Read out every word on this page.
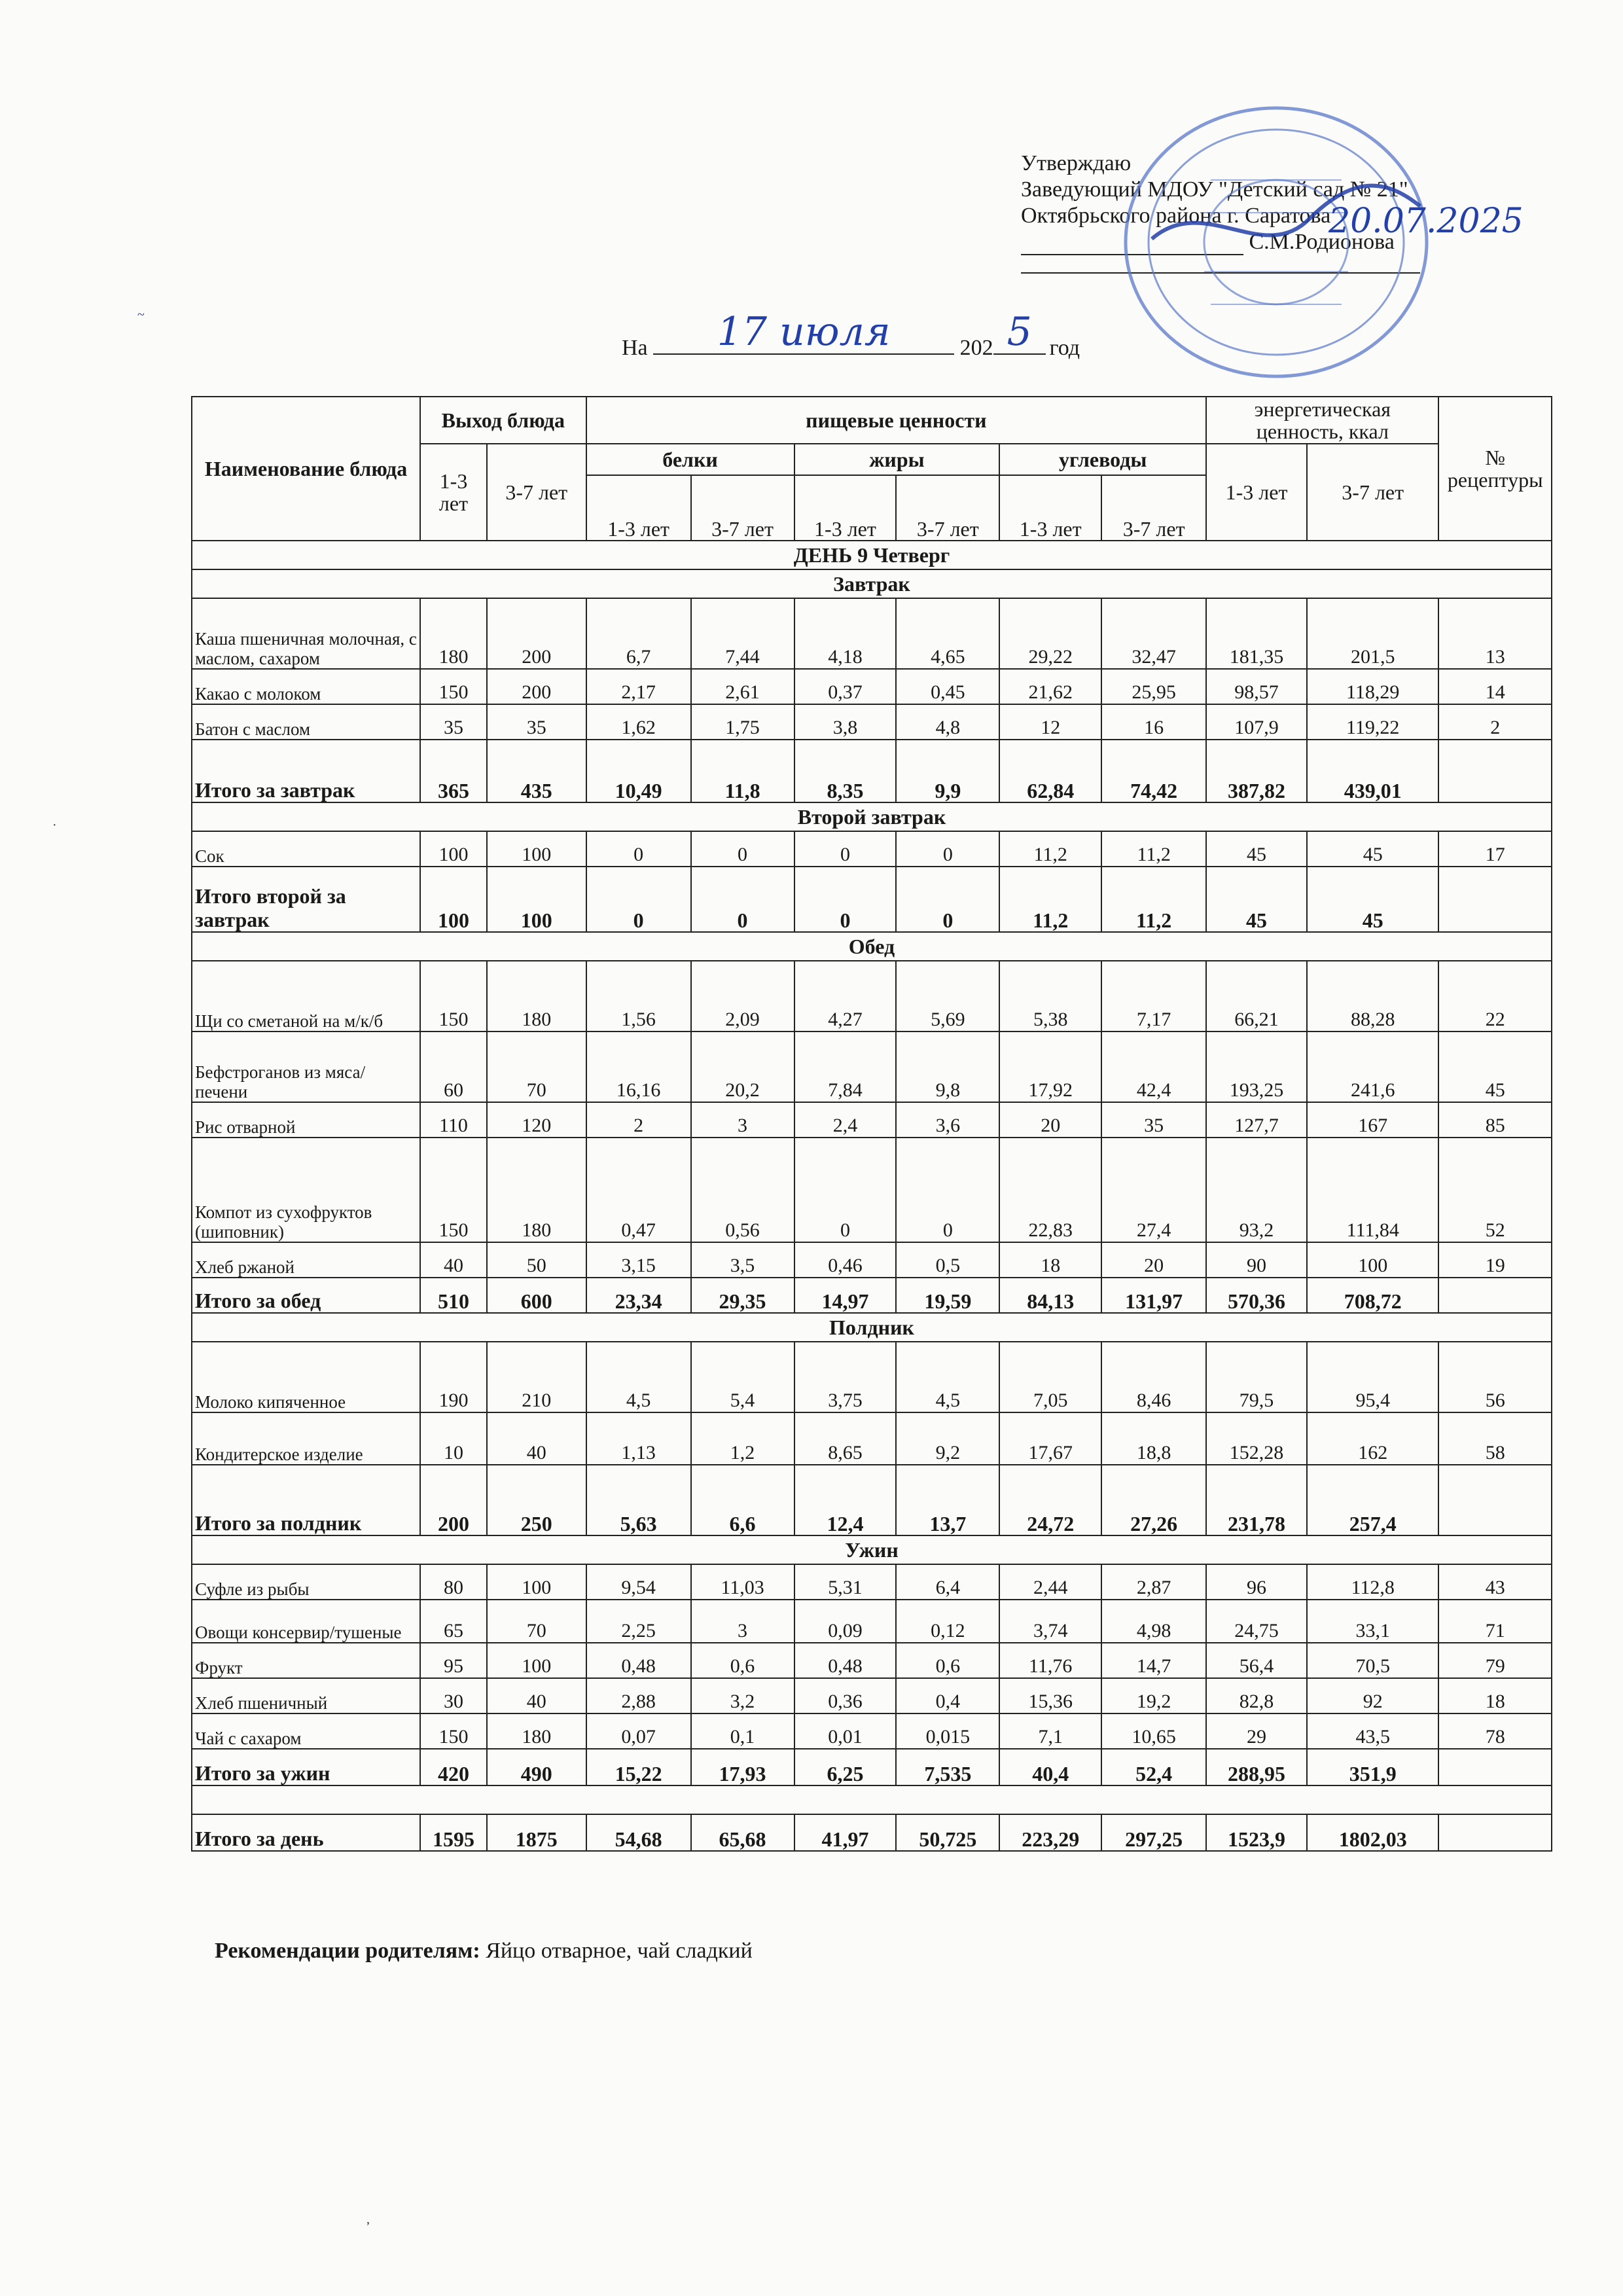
Утверждаю
Заведующий МДОУ "Детский сад № 21"
Октябрьского района г. Саратова
С.М.Родионова
20.07.2025
На	17 июля	202 5 год
Наименование блюда	Выход блюда		пищевые ценности						энергетическая ценность, ккал		№ рецептуры
	1-3 лет	3-7 лет	белки		жиры		углеводы		1-3 лет	3-7 лет	
			1-3 лет	3-7 лет	1-3 лет	3-7 лет	1-3 лет	3-7 лет			
ДЕНЬ 9 Четверг											
Завтрак											
Каша пшеничная молочная, с маслом, сахаром	180	200	6,7	7,44	4,18	4,65	29,22	32,47	181,35	201,5	13
Какао с молоком	150	200	2,17	2,61	0,37	0,45	21,62	25,95	98,57	118,29	14
Батон с маслом	35	35	1,62	1,75	3,8	4,8	12	16	107,9	119,22	2
Итого за завтрак	365	435	10,49	11,8	8,35	9,9	62,84	74,42	387,82	439,01	
Второй завтрак											
Сок	100	100	0	0	0	0	11,2	11,2	45	45	17
Итого второй за завтрак	100	100	0	0	0	0	11,2	11,2	45	45	
Обед											
Щи со сметаной на м/к/б	150	180	1,56	2,09	4,27	5,69	5,38	7,17	66,21	88,28	22
Бефстроганов из мяса/печени	60	70	16,16	20,2	7,84	9,8	17,92	42,4	193,25	241,6	45
Рис отварной	110	120	2	3	2,4	3,6	20	35	127,7	167	85
Компот из сухофруктов (шиповник)	150	180	0,47	0,56	0	0	22,83	27,4	93,2	111,84	52
Хлеб ржаной	40	50	3,15	3,5	0,46	0,5	18	20	90	100	19
Итого за обед	510	600	23,34	29,35	14,97	19,59	84,13	131,97	570,36	708,72	
Полдник											
Молоко кипяченное	190	210	4,5	5,4	3,75	4,5	7,05	8,46	79,5	95,4	56
Кондитерское изделие	10	40	1,13	1,2	8,65	9,2	17,67	18,8	152,28	162	58
Итого за полдник	200	250	5,63	6,6	12,4	13,7	24,72	27,26	231,78	257,4	
Ужин											
Суфле из рыбы	80	100	9,54	11,03	5,31	6,4	2,44	2,87	96	112,8	43
Овощи консервир/тушеные	65	70	2,25	3	0,09	0,12	3,74	4,98	24,75	33,1	71
Фрукт	95	100	0,48	0,6	0,48	0,6	11,76	14,7	56,4	70,5	79
Хлеб пшеничный	30	40	2,88	3,2	0,36	0,4	15,36	19,2	82,8	92	18
Чай с сахаром	150	180	0,07	0,1	0,01	0,015	7,1	10,65	29	43,5	78
Итого за ужин	420	490	15,22	17,93	6,25	7,535	40,4	52,4	288,95	351,9	

Итого за день	1595	1875	54,68	65,68	41,97	50,725	223,29	297,25	1523,9	1802,03	
Рекомендации родителям: Яйцо отварное, чай сладкий
~
·
,
